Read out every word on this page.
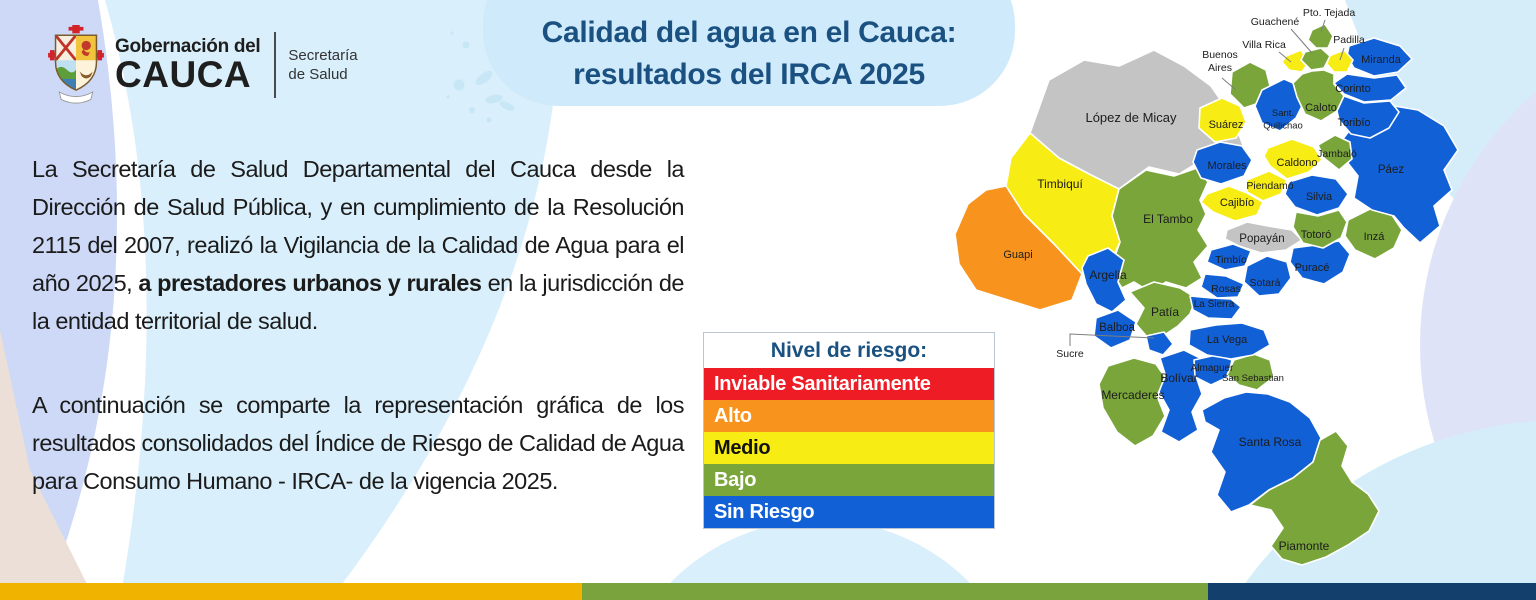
Gobernación del
CAUCA	Secretaría
de Salud
Calidad del agua en el Cauca:
resultados del IRCA 2025
La Secretaría de Salud Departamental del Cauca desde la Dirección de Salud Pública, y en cumplimiento de la Resolución 2115 del 2007, realizó la Vigilancia de la Calidad de Agua para el año 2025, a prestadores urbanos y rurales en la jurisdicción de la entidad territorial de salud.
A continuación se comparte la representación gráfica de los resultados consolidados del Índice de Riesgo de Calidad de Agua para Consumo Humano - IRCA- de la vigencia 2025.
Nivel de riesgo:
Inviable Sanitariamente
Alto
Medio
Bajo
Sin Riesgo
López de Micay
Timbiquí
Guapi
El Tambo
Argelia
Patía
Balboa
Sucre
Bolívar
Mercaderes
Almaguer
San Sebastian
La Vega
La Sierra
Rosas
Timbío
Sotará
Puracé
Popayán Totoró	Inzá
Páez
Silvia
Piendamó
Caldono
Jambaló
Cajibío
Morales
Suárez
Buenos
Aires
Sant.
Quilichao
Caloto
Toribío
Corinto
Miranda
Padilla
Villa Rica
Guachené
Pto. Tejada
Santa Rosa
Piamonte
